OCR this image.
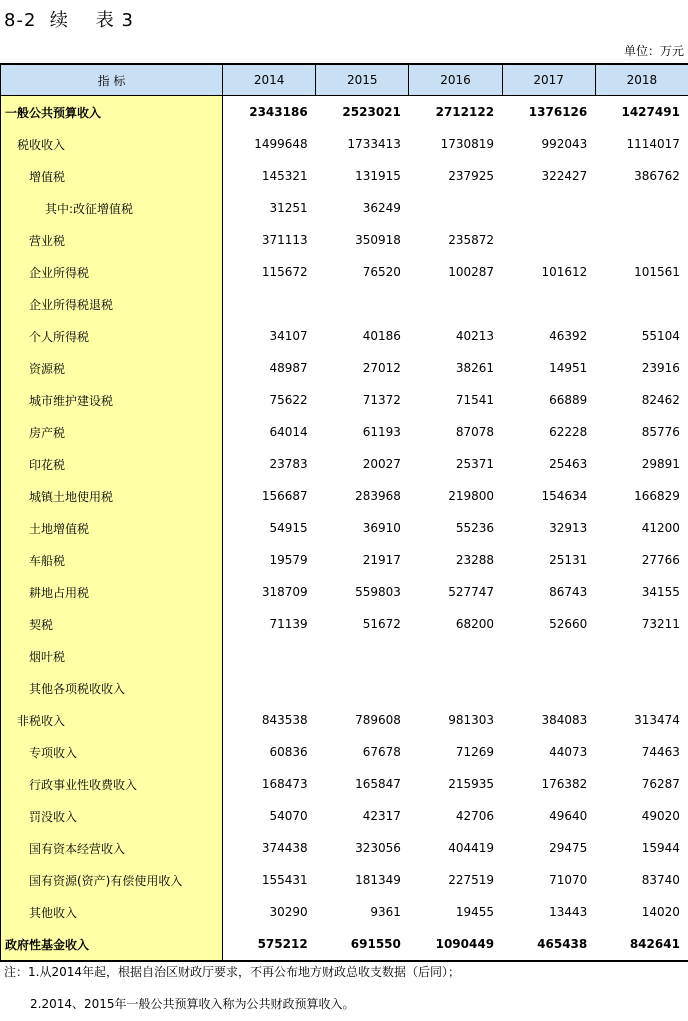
8-2  续    表 3
单位：万元
指 标	2014	2015	2016	2017	2018
一般公共预算收入	2343186	2523021	2712122	1376126	1427491
税收收入	1499648	1733413	1730819	992043	1114017
增值税	145321	131915	237925	322427	386762
其中:改征增值税	31251	36249			
营业税	371113	350918	235872		
企业所得税	115672	76520	100287	101612	101561
企业所得税退税					
个人所得税	34107	40186	40213	46392	55104
资源税	48987	27012	38261	14951	23916
城市维护建设税	75622	71372	71541	66889	82462
房产税	64014	61193	87078	62228	85776
印花税	23783	20027	25371	25463	29891
城镇土地使用税	156687	283968	219800	154634	166829
土地增值税	54915	36910	55236	32913	41200
车船税	19579	21917	23288	25131	27766
耕地占用税	318709	559803	527747	86743	34155
契税	71139	51672	68200	52660	73211
烟叶税					
其他各项税收收入					
非税收入	843538	789608	981303	384083	313474
专项收入	60836	67678	71269	44073	74463
行政事业性收费收入	168473	165847	215935	176382	76287
罚没收入	54070	42317	42706	49640	49020
国有资本经营收入	374438	323056	404419	29475	15944
国有资源(资产)有偿使用收入	155431	181349	227519	71070	83740
其他收入	30290	9361	19455	13443	14020
政府性基金收入	575212	691550	1090449	465438	842641
注：1.从2014年起，根据自治区财政厅要求，不再公布地方财政总收支数据（后同）；
2.2014、2015年一般公共预算收入称为公共财政预算收入。
